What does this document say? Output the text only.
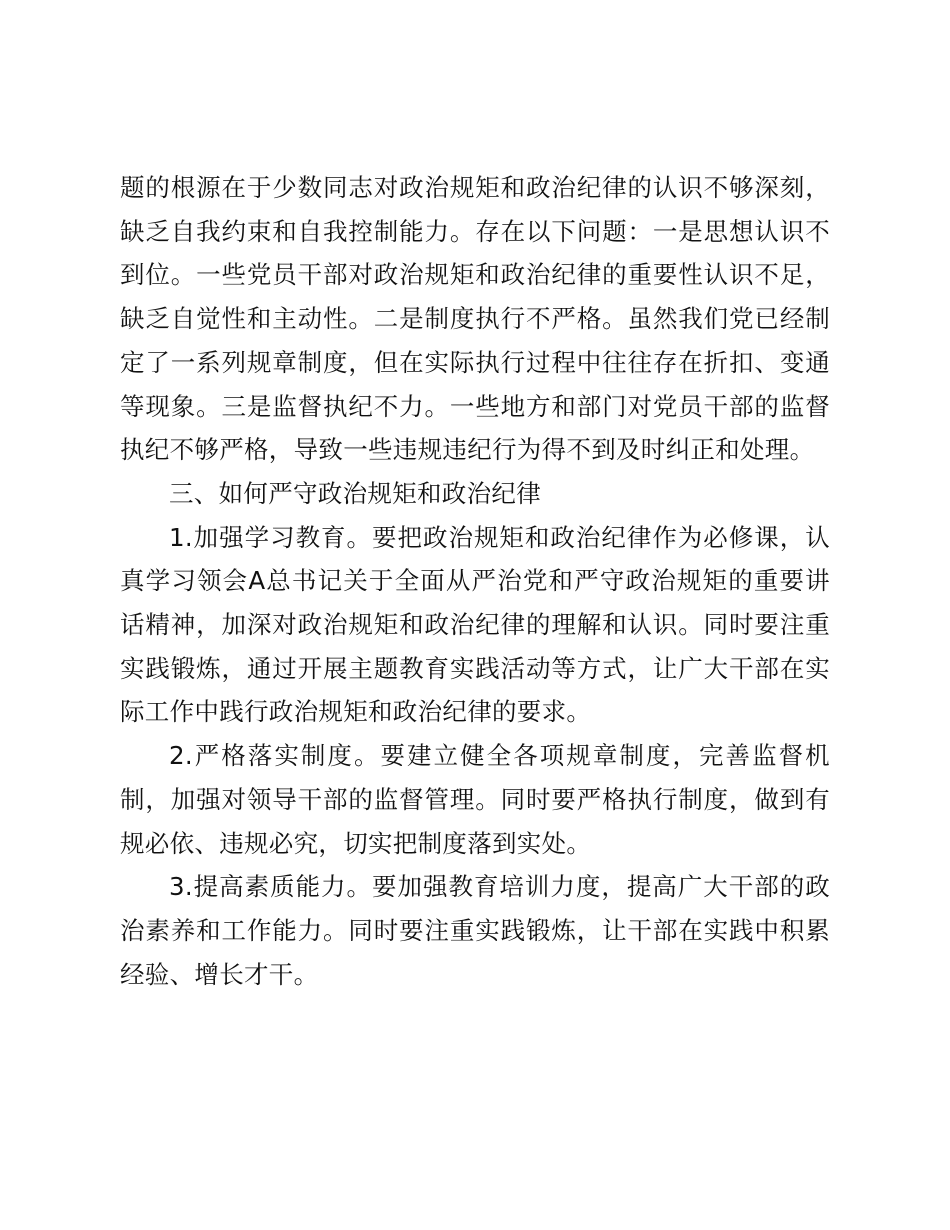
题的根源在于少数同志对政治规矩和政治纪律的认识不够深刻，缺乏自我约束和自我控制能力。存在以下问题：一是思想认识不到位。一些党员干部对政治规矩和政治纪律的重要性认识不足，缺乏自觉性和主动性。二是制度执行不严格。虽然我们党已经制定了一系列规章制度，但在实际执行过程中往往存在折扣、变通等现象。三是监督执纪不力。一些地方和部门对党员干部的监督执纪不够严格，导致一些违规违纪行为得不到及时纠正和处理。

三、如何严守政治规矩和政治纪律

1.加强学习教育。要把政治规矩和政治纪律作为必修课，认真学习领会A总书记关于全面从严治党和严守政治规矩的重要讲话精神，加深对政治规矩和政治纪律的理解和认识。同时要注重实践锻炼，通过开展主题教育实践活动等方式，让广大干部在实际工作中践行政治规矩和政治纪律的要求。

2.严格落实制度。要建立健全各项规章制度，完善监督机制，加强对领导干部的监督管理。同时要严格执行制度，做到有规必依、违规必究，切实把制度落到实处。

3.提高素质能力。要加强教育培训力度，提高广大干部的政治素养和工作能力。同时要注重实践锻炼，让干部在实践中积累经验、增长才干。
